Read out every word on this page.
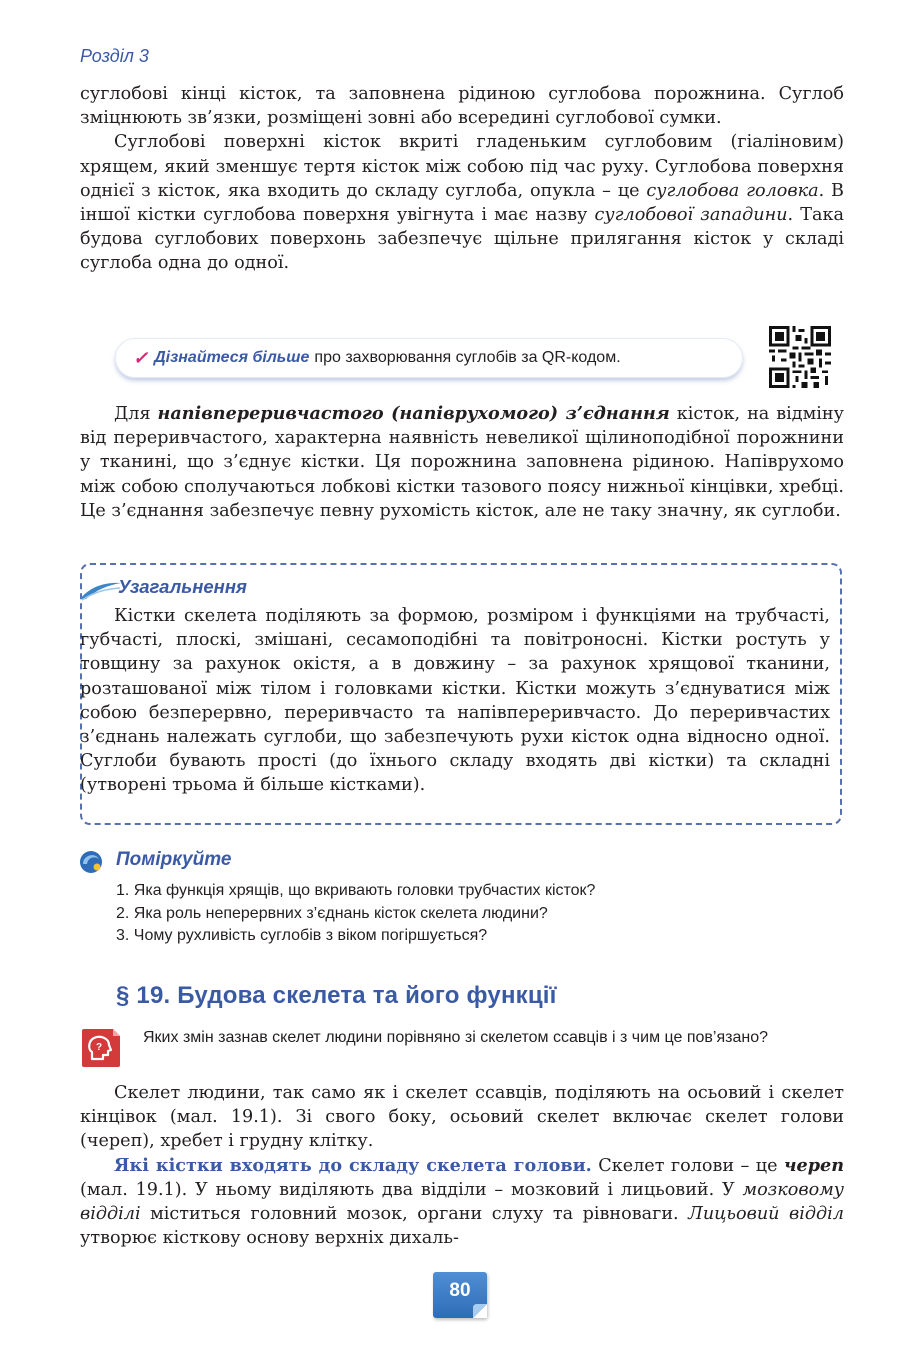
Розділ 3

суглобові кінці кісток, та заповнена рідиною суглобова порожнина. Суглоб зміцнюють зв’язки, розміщені зовні або всередині суглобової сумки.

Суглобові поверхні кісток вкриті гладеньким суглобовим (гіаліновим) хрящем, який зменшує тертя кісток між собою під час руху. Суглобова поверхня однієї з кісток, яка входить до складу суглоба, опукла – це суглобова головка. В іншої кістки суглобова поверхня увігнута і має назву суглобової западини. Така будова суглобових поверхонь забезпечує щільне прилягання кісток у складі суглоба одна до одної.

✓ Дізнайтеся більше про захворювання суглобів за QR-кодом.

Для напівпереривчастого (напіврухомого) з’єднання кісток, на відміну від переривчастого, характерна наявність невеликої щілиноподібної порожнини у тканині, що з’єднує кістки. Ця порожнина заповнена рідиною. Напіврухомо між собою сполучаються лобкові кістки тазового поясу нижньої кінцівки, хребці. Це з’єднання забезпечує певну рухомість кісток, але не таку значну, як суглоби.

Узагальнення

Кістки скелета поділяють за формою, розміром і функціями на трубчасті, губчасті, плоскі, змішані, сесамоподібні та повітроносні. Кістки ростуть у товщину за рахунок окістя, а в довжину – за рахунок хрящової тканини, розташованої між тілом і головками кістки. Кістки можуть з’єднуватися між собою безперервно, переривчасто та напівпереривчасто. До переривчастих з’єднань належать суглоби, що забезпечують рухи кісток одна відносно одної. Суглоби бувають прості (до їхнього складу входять дві кістки) та складні (утворені трьома й більше кістками).

Поміркуйте
1. Яка функція хрящів, що вкривають головки трубчастих кісток?
2. Яка роль неперервних з’єднань кісток скелета людини?
3. Чому рухливість суглобів з віком погіршується?
§ 19. Будова скелета та його функції
?
Яких змін зазнав скелет людини порівняно зі скелетом ссавців і з чим це пов’язано?

Скелет людини, так само як і скелет ссавців, поділяють на осьовий і скелет кінцівок (мал. 19.1). Зі свого боку, осьовий скелет включає скелет голови (череп), хребет і грудну клітку.

Які кістки входять до складу скелета голови. Скелет голови – це череп (мал. 19.1). У ньому виділяють два відділи – мозковий і лицьовий. У мозковому відділі міститься головний мозок, органи слуху та рівноваги. Лицьовий відділ утворює кісткову основу верхніх дихаль-

80
